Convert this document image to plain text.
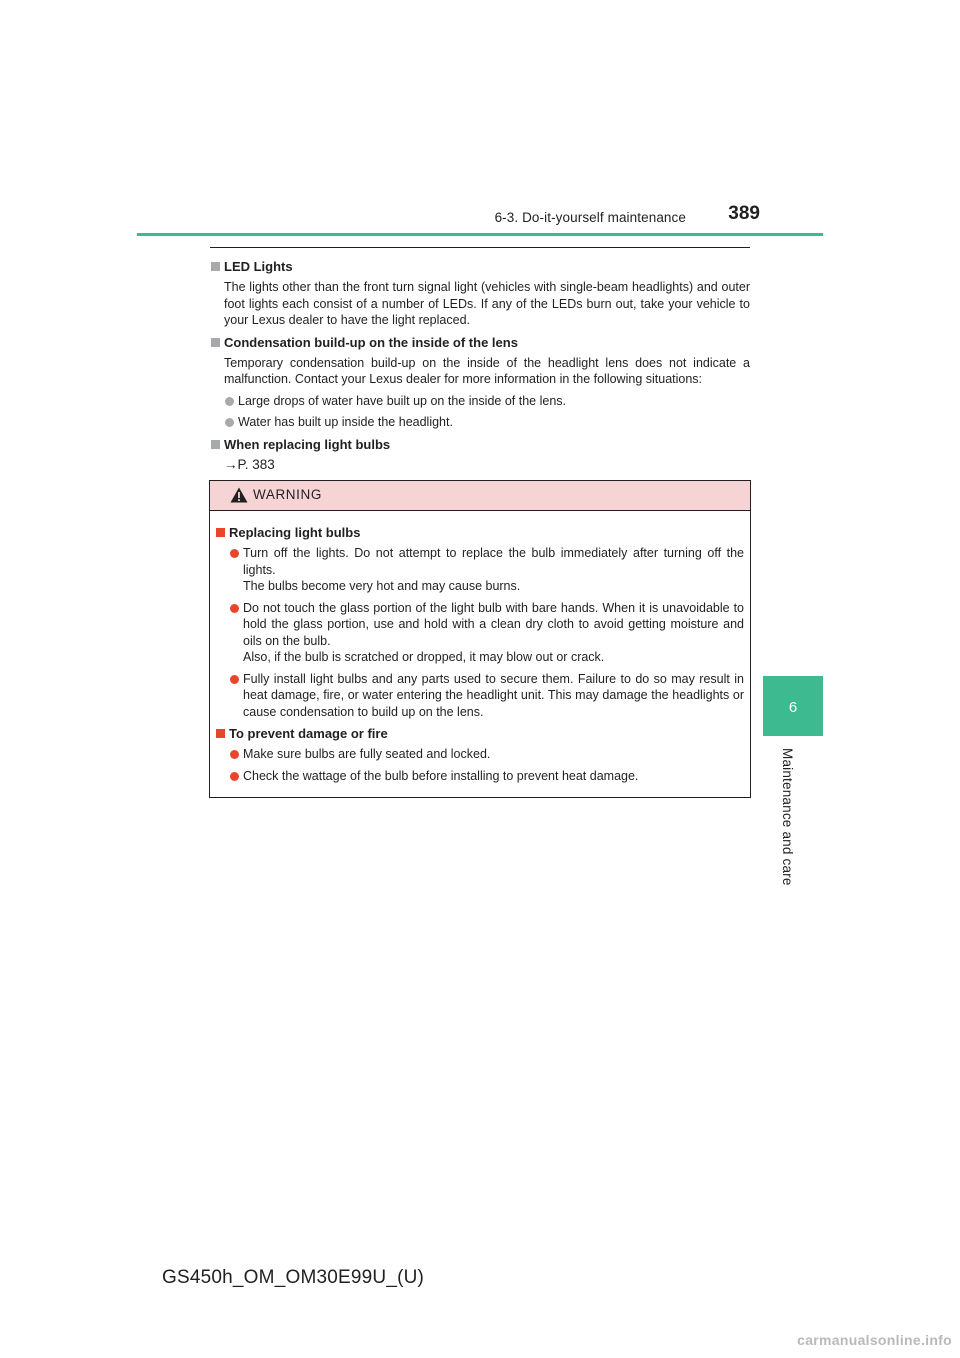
6-3. Do-it-yourself maintenance 389
6
Maintenance and care
LED Lights

The lights other than the front turn signal light (vehicles with single-beam headlights) and outer foot lights each consist of a number of LEDs. If any of the LEDs burn out, take your vehicle to your Lexus dealer to have the light replaced.

Condensation build-up on the inside of the lens

Temporary condensation build-up on the inside of the headlight lens does not indicate a malfunction. Contact your Lexus dealer for more information in the following situations:

Large drops of water have built up on the inside of the lens.
Water has built up inside the headlight.
When replacing light bulbs

→P. 383

WARNING
Replacing light bulbs
Turn off the lights. Do not attempt to replace the bulb immediately after turning off the lights.
The bulbs become very hot and may cause burns.
Do not touch the glass portion of the light bulb with bare hands. When it is unavoidable to hold the glass portion, use and hold with a clean dry cloth to avoid getting moisture and oils on the bulb.
Also, if the bulb is scratched or dropped, it may blow out or crack.
Fully install light bulbs and any parts used to secure them. Failure to do so may result in heat damage, fire, or water entering the headlight unit. This may damage the headlights or cause condensation to build up on the lens.
To prevent damage or fire
Make sure bulbs are fully seated and locked.
Check the wattage of the bulb before installing to prevent heat damage.
GS450h_OM_OM30E99U_(U)
carmanualsonline.info
